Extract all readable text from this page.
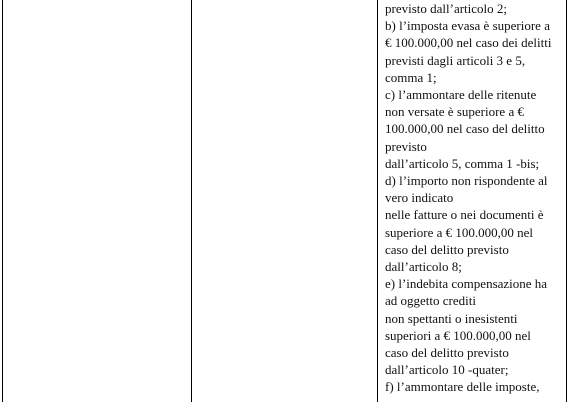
previsto dall’articolo 2;
b) l’imposta evasa è superiore a
€ 100.000,00 nel caso dei delitti
previsti dagli articoli 3 e 5,
comma 1;
c) l’ammontare delle ritenute
non versate è superiore a €
100.000,00 nel caso del delitto
previsto
dall’articolo 5, comma 1 -bis;
d) l’importo non rispondente al
vero indicato
nelle fatture o nei documenti è
superiore a € 100.000,00 nel
caso del delitto previsto
dall’articolo 8;
e) l’indebita compensazione ha
ad oggetto crediti
non spettanti o inesistenti
superiori a € 100.000,00 nel
caso del delitto previsto
dall’articolo 10 -quater;
f) l’ammontare delle imposte,
